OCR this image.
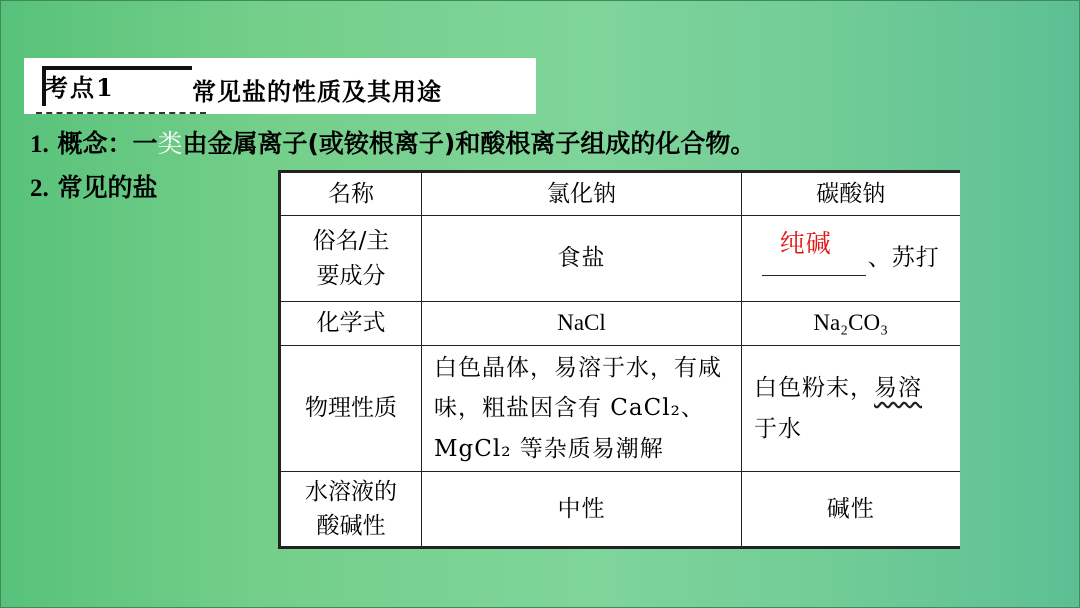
考点1	常见盐的性质及其用途
1. 概念：一类由金属离子(或铵根离子)和酸根离子组成的化合物。
2. 常见的盐	名称	氯化钠	碳酸钠
俗名/主
要成分	食盐	纯碱 、苏打
化学式	NaCl	Na₂CO₃
物理性质	白色晶体，易溶于水，有咸
味，粗盐因含有 CaCl₂、
MgCl₂ 等杂质易潮解	白色粉末，易溶
于水
水溶液的
酸碱性	中性	碱性
